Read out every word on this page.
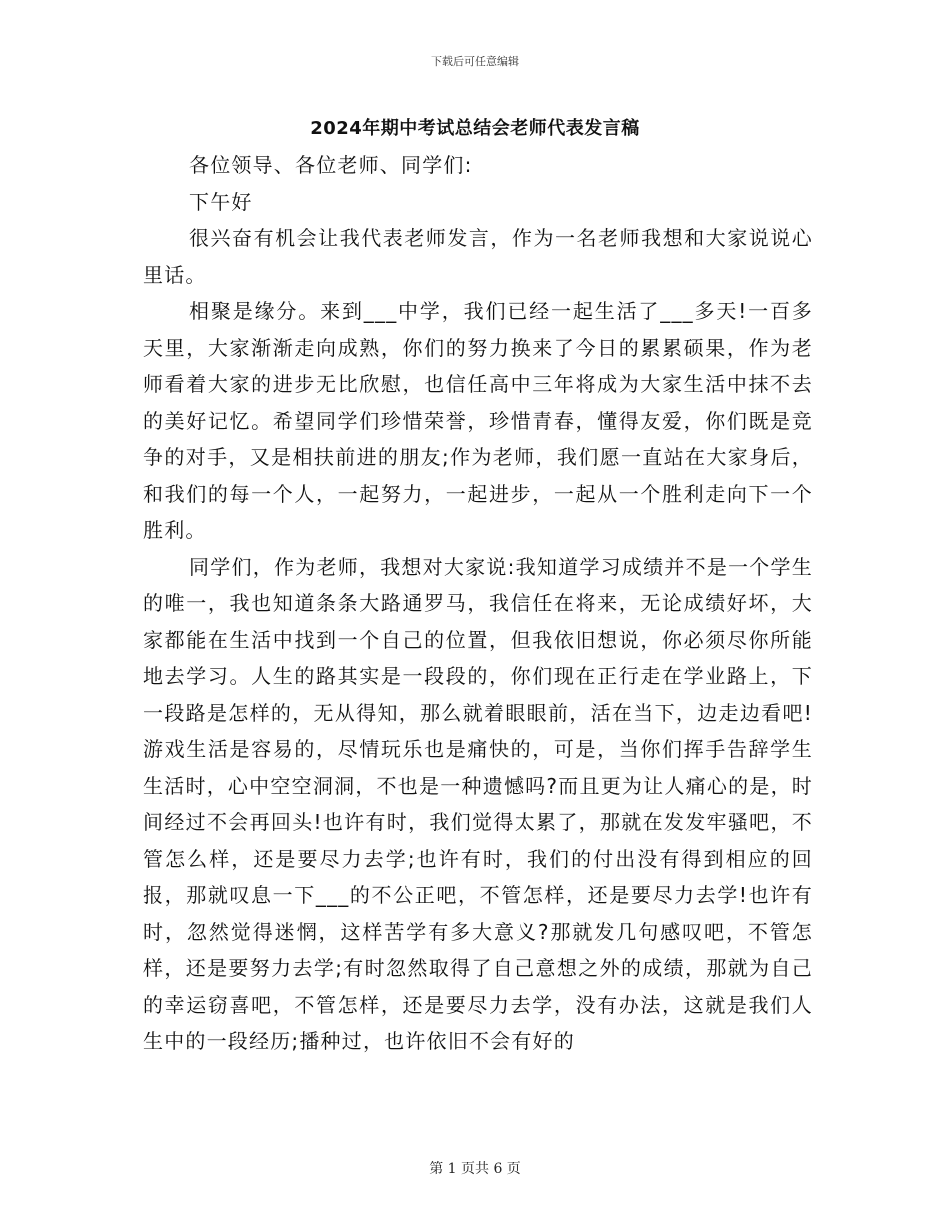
下载后可任意编辑
2024年期中考试总结会老师代表发言稿

各位领导、各位老师、同学们:

下午好

很兴奋有机会让我代表老师发言，作为一名老师我想和大家说说心里话。

相聚是缘分。来到___中学，我们已经一起生活了___多天!一百多天里，大家渐渐走向成熟，你们的努力换来了今日的累累硕果，作为老师看着大家的进步无比欣慰，也信任高中三年将成为大家生活中抹不去的美好记忆。希望同学们珍惜荣誉，珍惜青春，懂得友爱，你们既是竞争的对手，又是相扶前进的朋友;作为老师，我们愿一直站在大家身后，和我们的每一个人，一起努力，一起进步，一起从一个胜利走向下一个胜利。

同学们，作为老师，我想对大家说:我知道学习成绩并不是一个学生的唯一，我也知道条条大路通罗马，我信任在将来，无论成绩好坏，大家都能在生活中找到一个自己的位置，但我依旧想说，你必须尽你所能地去学习。人生的路其实是一段段的，你们现在正行走在学业路上，下一段路是怎样的，无从得知，那么就着眼眼前，活在当下，边走边看吧!游戏生活是容易的，尽情玩乐也是痛快的，可是，当你们挥手告辞学生生活时，心中空空洞洞，不也是一种遗憾吗?而且更为让人痛心的是，时间经过不会再回头!也许有时，我们觉得太累了，那就在发发牢骚吧，不管怎么样，还是要尽力去学;也许有时，我们的付出没有得到相应的回报，那就叹息一下___的不公正吧，不管怎样，还是要尽力去学!也许有时，忽然觉得迷惘，这样苦学有多大意义?那就发几句感叹吧，不管怎样，还是要努力去学;有时忽然取得了自己意想之外的成绩，那就为自己的幸运窃喜吧，不管怎样，还是要尽力去学，没有办法，这就是我们人生中的一段经历;播种过，也许依旧不会有好的

第 1 页共 6 页
